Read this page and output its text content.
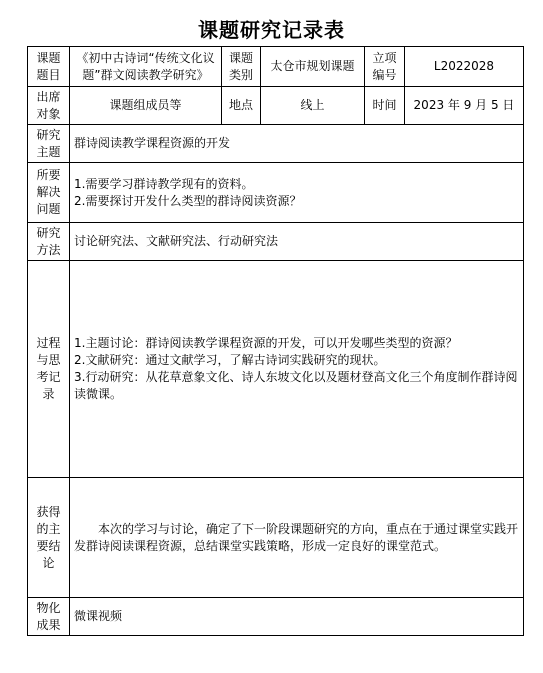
课题研究记录表
课题题目	《初中古诗词“传统文化议题”群文阅读教学研究》	课题类别	太仓市规划课题	立项编号	L2022028
出席对象	课题组成员等	地点	线上	时间	2023 年 9 月 5 日
研究主题	群诗阅读教学课程资源的开发				
所要解决问题	1.需要学习群诗教学现有的资料。
2.需要探讨开发什么类型的群诗阅读资源？				

研究方法	讨论研究法、文献研究法、行动研究法				
过程与思考记录	1.主题讨论：群诗阅读教学课程资源的开发，可以开发哪些类型的资源？
2.文献研究：通过文献学习，了解古诗词实践研究的现状。
3.行动研究：从花草意象文化、诗人东坡文化以及题材登高文化三个角度制作群诗阅读微课。				

获得的主要结论	本次的学习与讨论，确定了下一阶段课题研究的方向，重点在于通过课堂实践开发群诗阅读课程资源，总结课堂实践策略，形成一定良好的课堂范式。				
物化成果	微课视频				
